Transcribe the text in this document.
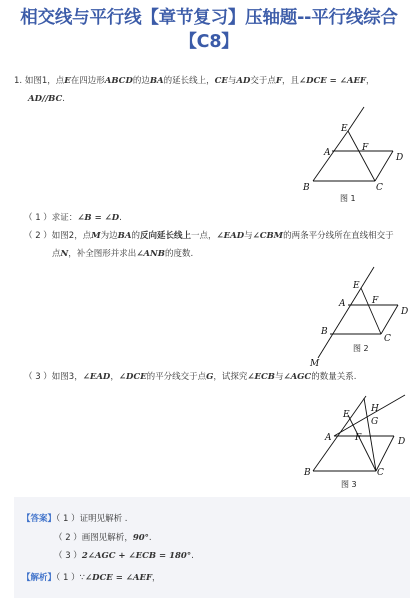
相交线与平行线【章节复习】压轴题--平行线综合
【C8】
1. 如图1，点E在四边形ABCD的边BA的延长线上，CE与AD交于点F，且∠DCE = ∠AEF，
AD//BC.
E
A	F
D
B	C
图 1
（ 1 ）求证：∠B = ∠D.
（ 2 ）如图2，点M为边BA的反向延长线上一点，∠EAD与∠CBM的两条平分线所在直线相交于
点N，补全图形并求出∠ANB的度数.
E
A	F
D
B
C
M
图 2
（ 3 ）如图3，∠EAD，∠DCE的平分线交于点G，试探究∠ECB与∠AGC的数量关系.
E
H
A
G
D
B	C
F
图 3
【答案】（ 1 ）证明见解析 .
（ 2 ）画图见解析，90°.
（ 3 ）2∠AGC + ∠ECB = 180°.
【解析】（ 1 ）∵∠DCE = ∠AEF，
